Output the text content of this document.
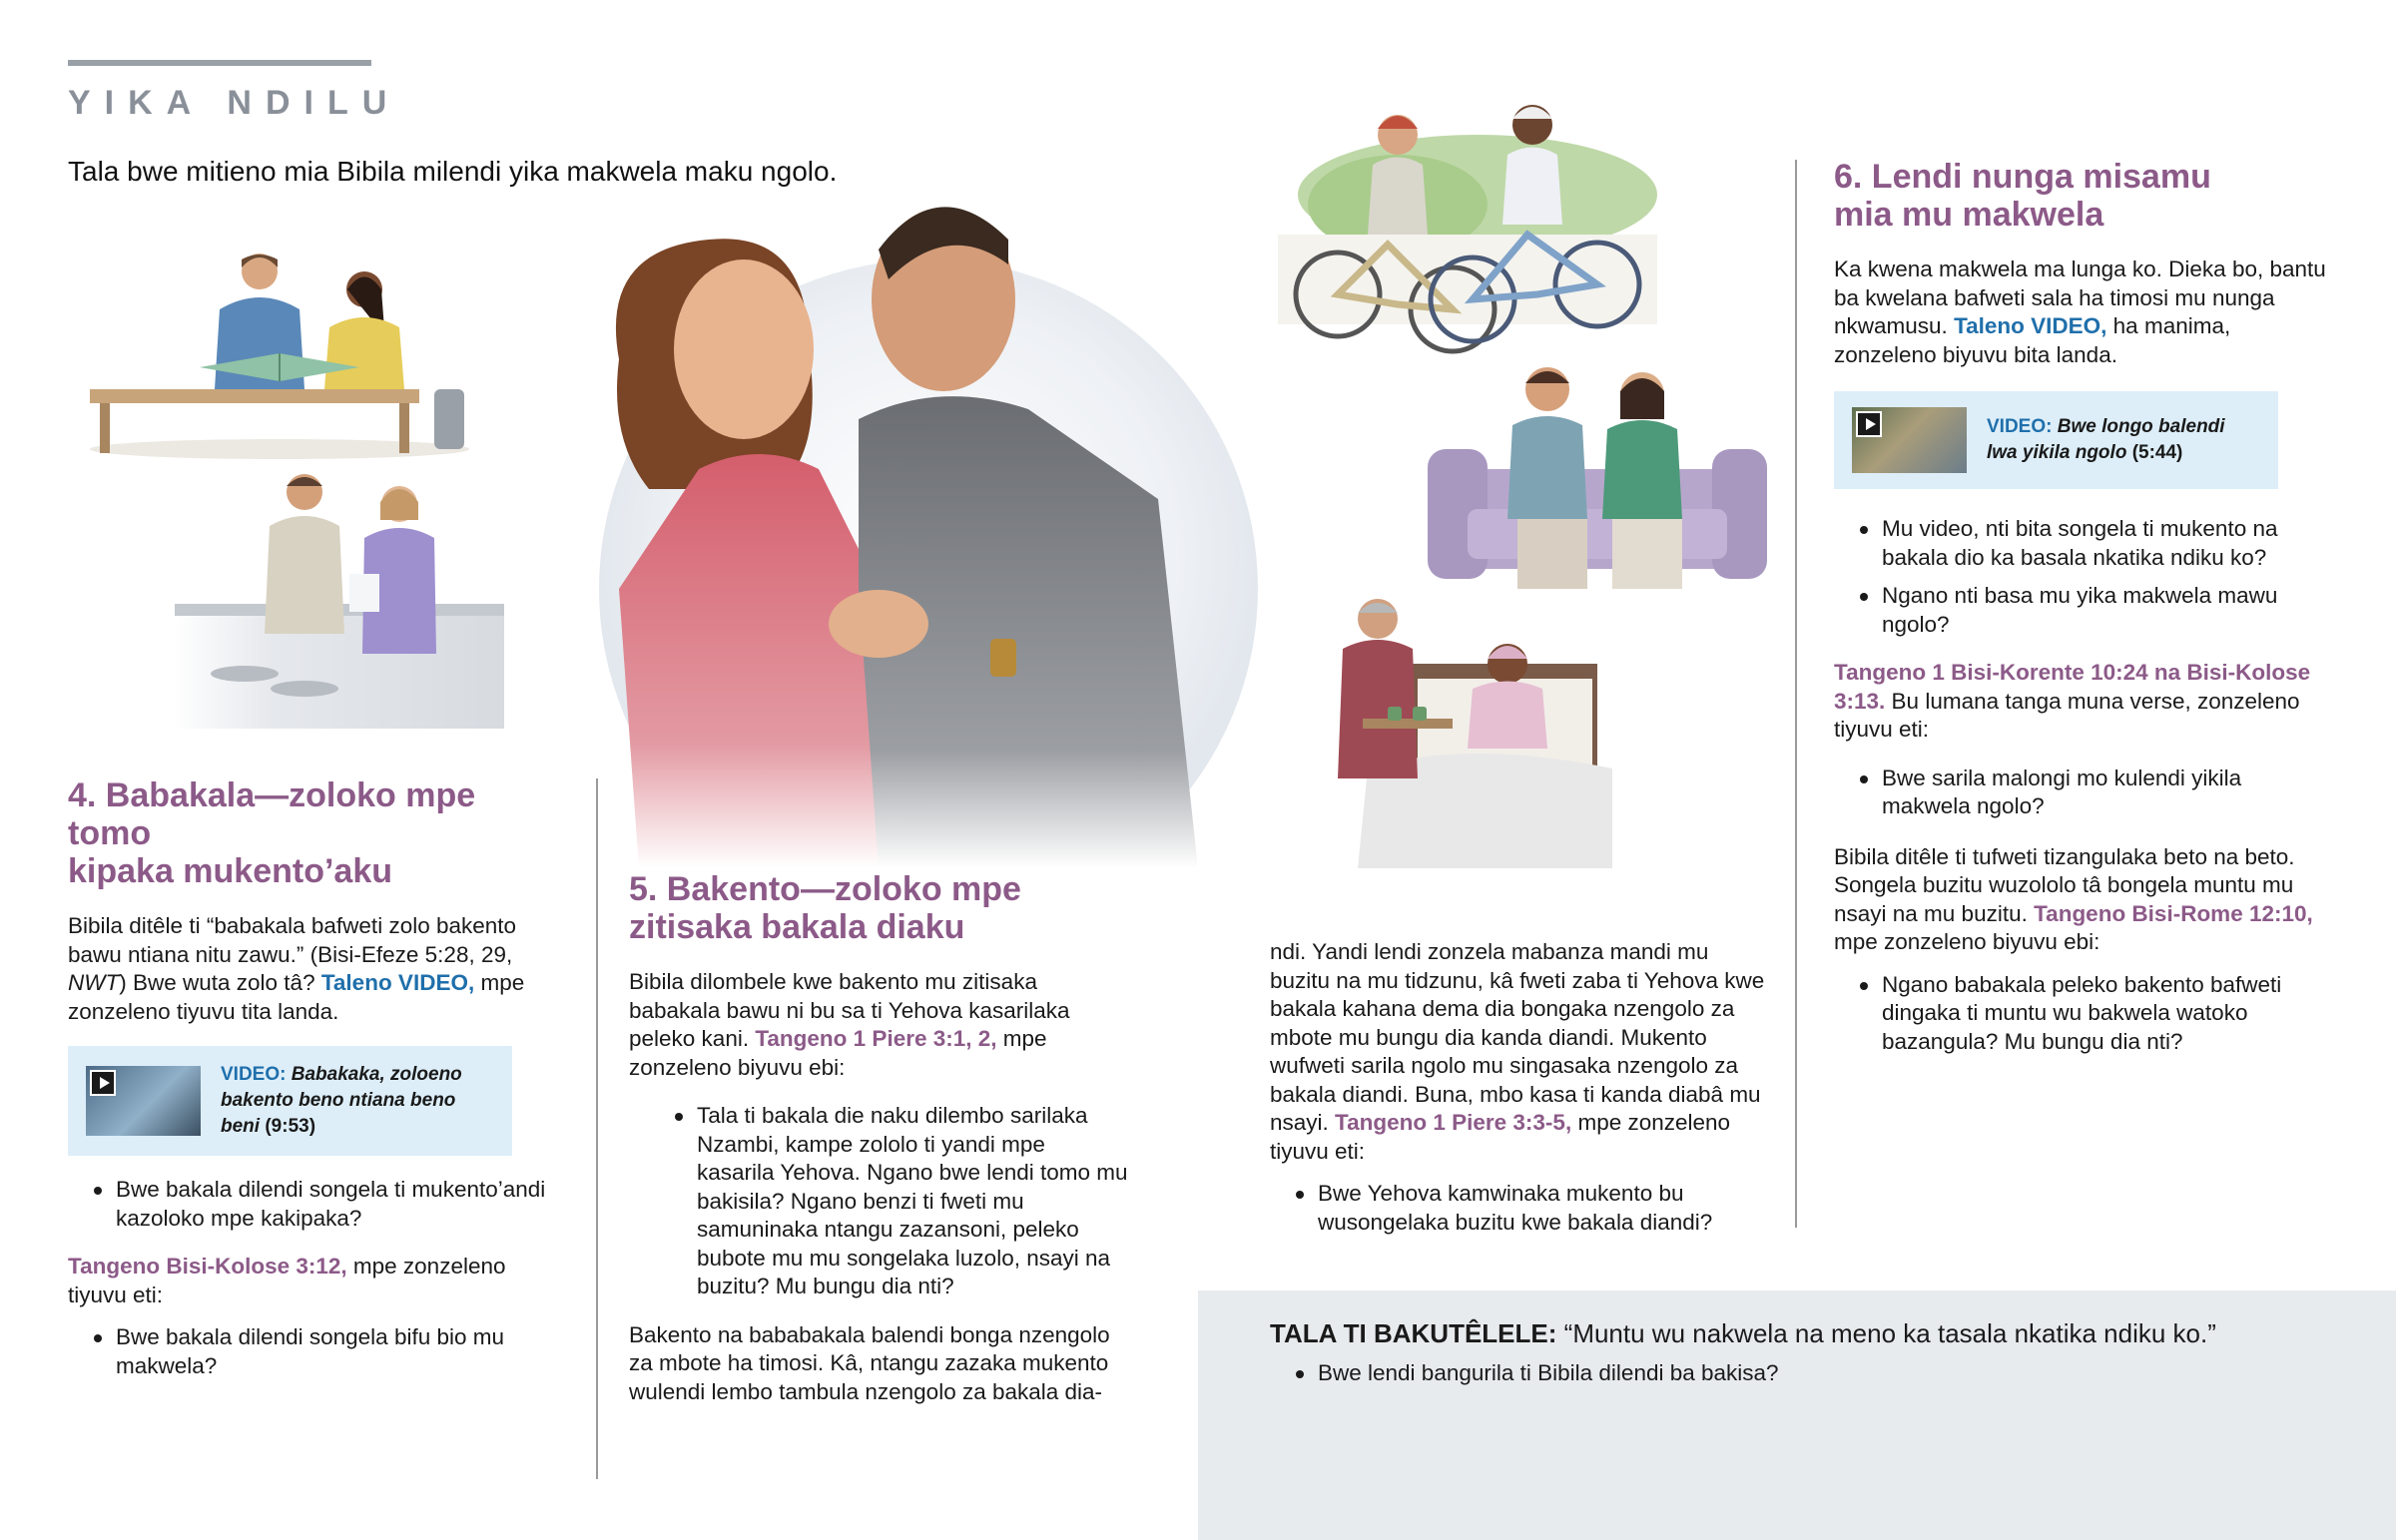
YIKA NDILU
Tala bwe mitieno mia Bibila milendi yika makwela maku ngolo.
4. Babakala—zoloko mpe tomo
kipaka mukento’aku
Bibila ditêle ti “babakala bafweti zolo bakento bawu ntiana nitu zawu.” (Bisi-Efeze 5:28, 29, NWT) Bwe wuta zolo tâ? Taleno VIDEO, mpe zonzeleno tiyuvu tita landa.
VIDEO: Babakaka, zoloeno bakento beno ntiana beno beni (9:53)
Bwe bakala dilendi songela ti mukento’andi kazoloko mpe kakipaka?
Tangeno Bisi-Kolose 3:12, mpe zonzeleno tiyuvu eti:
Bwe bakala dilendi songela bifu bio mu makwela?
5. Bakento—zoloko mpe
zitisaka bakala diaku
Bibila dilombele kwe bakento mu zitisaka babakala bawu ni bu sa ti Yehova kasarilaka peleko kani. Tangeno 1 Piere 3:1, 2, mpe zonzeleno biyuvu ebi:
Tala ti bakala die naku dilembo sarilaka Nzambi, kampe zololo ti yandi mpe kasarila Yehova. Ngano bwe lendi tomo mu bakisila? Ngano benzi ti fweti mu samuninaka ntangu zazansoni, peleko bubote mu mu songelaka luzolo, nsayi na buzitu? Mu bungu dia nti?
Bakento na bababakala balendi bonga nzengolo za mbote ha timosi. Kâ, ntangu zazaka mukento wulendi lembo tambula nzengolo za bakala dia-
ndi. Yandi lendi zonzela mabanza mandi mu buzitu na mu tidzunu, kâ fweti zaba ti Yehova kwe bakala kahana dema dia bongaka nzengolo za mbote mu bungu dia kanda diandi. Mukento wufweti sarila ngolo mu singasaka nzengolo za bakala diandi. Buna, mbo kasa ti kanda diabâ mu nsayi. Tangeno 1 Piere 3:3-5, mpe zonzeleno tiyuvu eti:
Bwe Yehova kamwinaka mukento bu wusongelaka buzitu kwe bakala diandi?
6. Lendi nunga misamu
mia mu makwela
Ka kwena makwela ma lunga ko. Dieka bo, bantu ba kwelana bafweti sala ha timosi mu nunga nkwamusu. Taleno VIDEO, ha manima, zonzeleno biyuvu bita landa.
VIDEO: Bwe longo balendi lwa yikila ngolo (5:44)
Mu video, nti bita songela ti mukento na bakala dio ka basala nkatika ndiku ko?
Ngano nti basa mu yika makwela mawu ngolo?
Tangeno 1 Bisi-Korente 10:24 na Bisi-Kolose 3:13. Bu lumana tanga muna verse, zonzeleno tiyuvu eti:
Bwe sarila malongi mo kulendi yikila makwela ngolo?
Bibila ditêle ti tufweti tizangulaka beto na beto. Songela buzitu wuzololo tâ bongela muntu mu nsayi na mu buzitu. Tangeno Bisi-Rome 12:10, mpe zonzeleno biyuvu ebi:
Ngano babakala peleko bakento bafweti dingaka ti muntu wu bakwela watoko bazangula? Mu bungu dia nti?
TALA TI BAKUTÊLELE: “Muntu wu nakwela na meno ka tasala nkatika ndiku ko.”
Bwe lendi bangurila ti Bibila dilendi ba bakisa?
